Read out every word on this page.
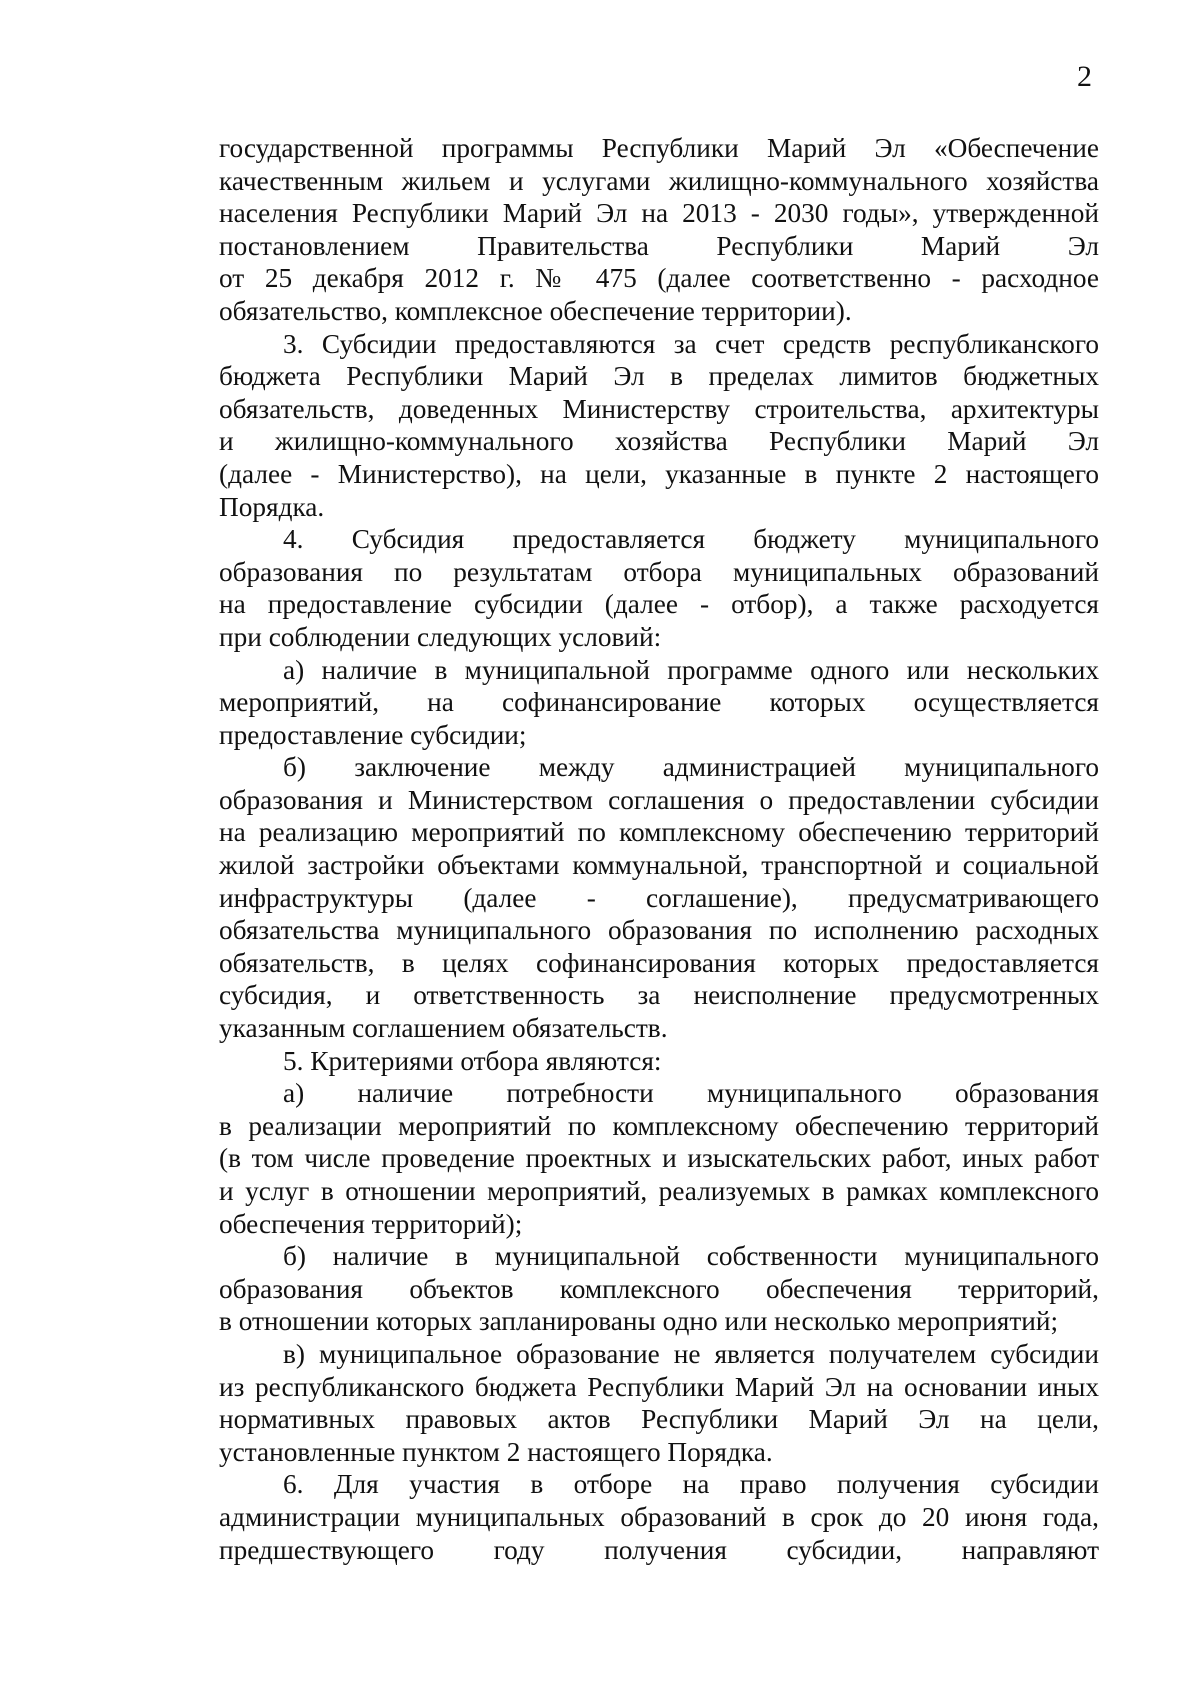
2
государственной программы Республики Марий Эл «Обеспечение
качественным жильем и услугами жилищно-коммунального хозяйства
населения Республики Марий Эл на 2013 - 2030 годы», утвержденной
постановлением Правительства Республики Марий Эл
от 25 декабря 2012 г. № 475 (далее соответственно - расходное
обязательство, комплексное обеспечение территории).
3. Субсидии предоставляются за счет средств республиканского
бюджета Республики Марий Эл в пределах лимитов бюджетных
обязательств, доведенных Министерству строительства, архитектуры
и жилищно-коммунального хозяйства Республики Марий Эл
(далее - Министерство), на цели, указанные в пункте 2 настоящего
Порядка.
4. Субсидия предоставляется бюджету муниципального
образования по результатам отбора муниципальных образований
на предоставление субсидии (далее - отбор), а также расходуется
при соблюдении следующих условий:
а) наличие в муниципальной программе одного или нескольких
мероприятий, на софинансирование которых осуществляется
предоставление субсидии;
б) заключение между администрацией муниципального
образования и Министерством соглашения о предоставлении субсидии
на реализацию мероприятий по комплексному обеспечению территорий
жилой застройки объектами коммунальной, транспортной и социальной
инфраструктуры (далее - соглашение), предусматривающего
обязательства муниципального образования по исполнению расходных
обязательств, в целях софинансирования которых предоставляется
субсидия, и ответственность за неисполнение предусмотренных
указанным соглашением обязательств.
5. Критериями отбора являются:
а) наличие потребности муниципального образования
в реализации мероприятий по комплексному обеспечению территорий
(в том числе проведение проектных и изыскательских работ, иных работ
и услуг в отношении мероприятий, реализуемых в рамках комплексного
обеспечения территорий);
б) наличие в муниципальной собственности муниципального
образования объектов комплексного обеспечения территорий,
в отношении которых запланированы одно или несколько мероприятий;
в) муниципальное образование не является получателем субсидии
из республиканского бюджета Республики Марий Эл на основании иных
нормативных правовых актов Республики Марий Эл на цели,
установленные пунктом 2 настоящего Порядка.
6. Для участия в отборе на право получения субсидии
администрации муниципальных образований в срок до 20 июня года,
предшествующего году получения субсидии, направляют
